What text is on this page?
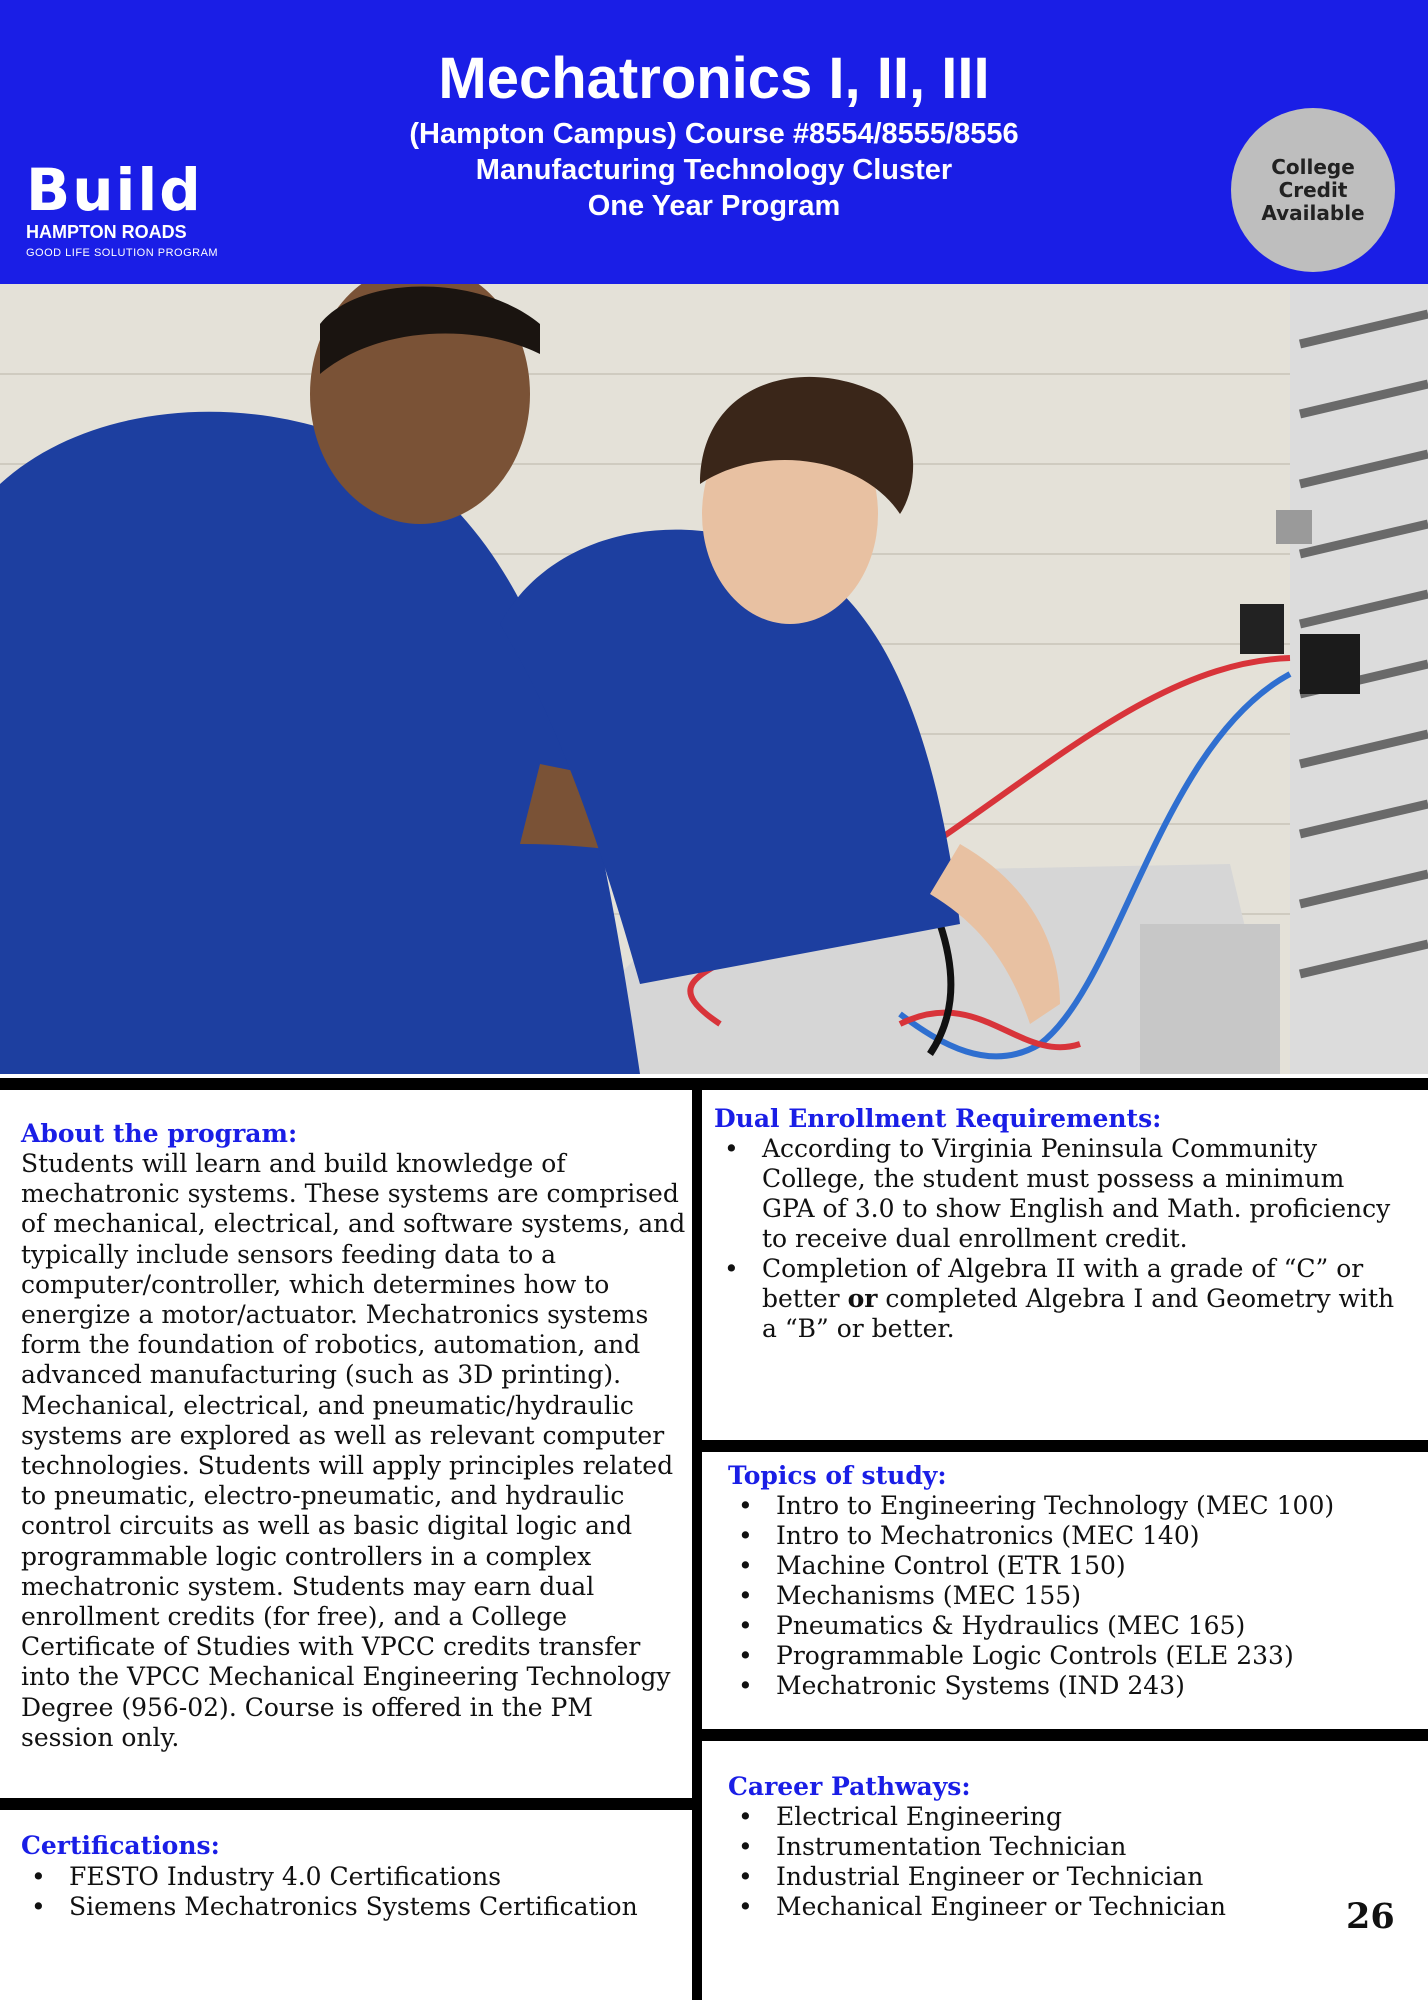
Mechatronics I, II, III
(Hampton Campus) Course #8554/8555/8556
Manufacturing Technology Cluster
One Year Program
Build
HAMPTON ROADS
GOOD LIFE SOLUTION PROGRAM
College
Credit
Available
About the program:

Students will learn and build knowledge of mechatronic systems. These systems are comprised of mechanical, electrical, and software systems, and typically include sensors feeding data to a computer/controller, which determines how to energize a motor/actuator. Mechatronics systems form the foundation of robotics, automation, and advanced manufacturing (such as 3D printing). Mechanical, electrical, and pneumatic/hydraulic systems are explored as well as relevant computer technologies. Students will apply principles related to pneumatic, electro-pneumatic, and hydraulic control circuits as well as basic digital logic and programmable logic controllers in a complex mechatronic system. Students may earn dual enrollment credits (for free), and a College Certificate of Studies with VPCC credits transfer into the VPCC Mechanical Engineering Technology Degree (956-02). Course is offered in the PM session only.

Certifications:
• FESTO Industry 4.0 Certifications
• Siemens Mechatronics Systems Certification
Dual Enrollment Requirements:
• According to Virginia Peninsula Community College, the student must possess a minimum GPA of 3.0 to show English and Math. proficiency to receive dual enrollment credit.
• Completion of Algebra II with a grade of “C” or better or completed Algebra I and Geometry with a “B” or better.
Topics of study:
• Intro to Engineering Technology (MEC 100)
• Intro to Mechatronics (MEC 140)
• Machine Control (ETR 150)
• Mechanisms (MEC 155)
• Pneumatics & Hydraulics (MEC 165)
• Programmable Logic Controls (ELE 233)
• Mechatronic Systems (IND 243)
Career Pathways:
• Electrical Engineering
• Instrumentation Technician
• Industrial Engineer or Technician
• Mechanical Engineer or Technician	26
